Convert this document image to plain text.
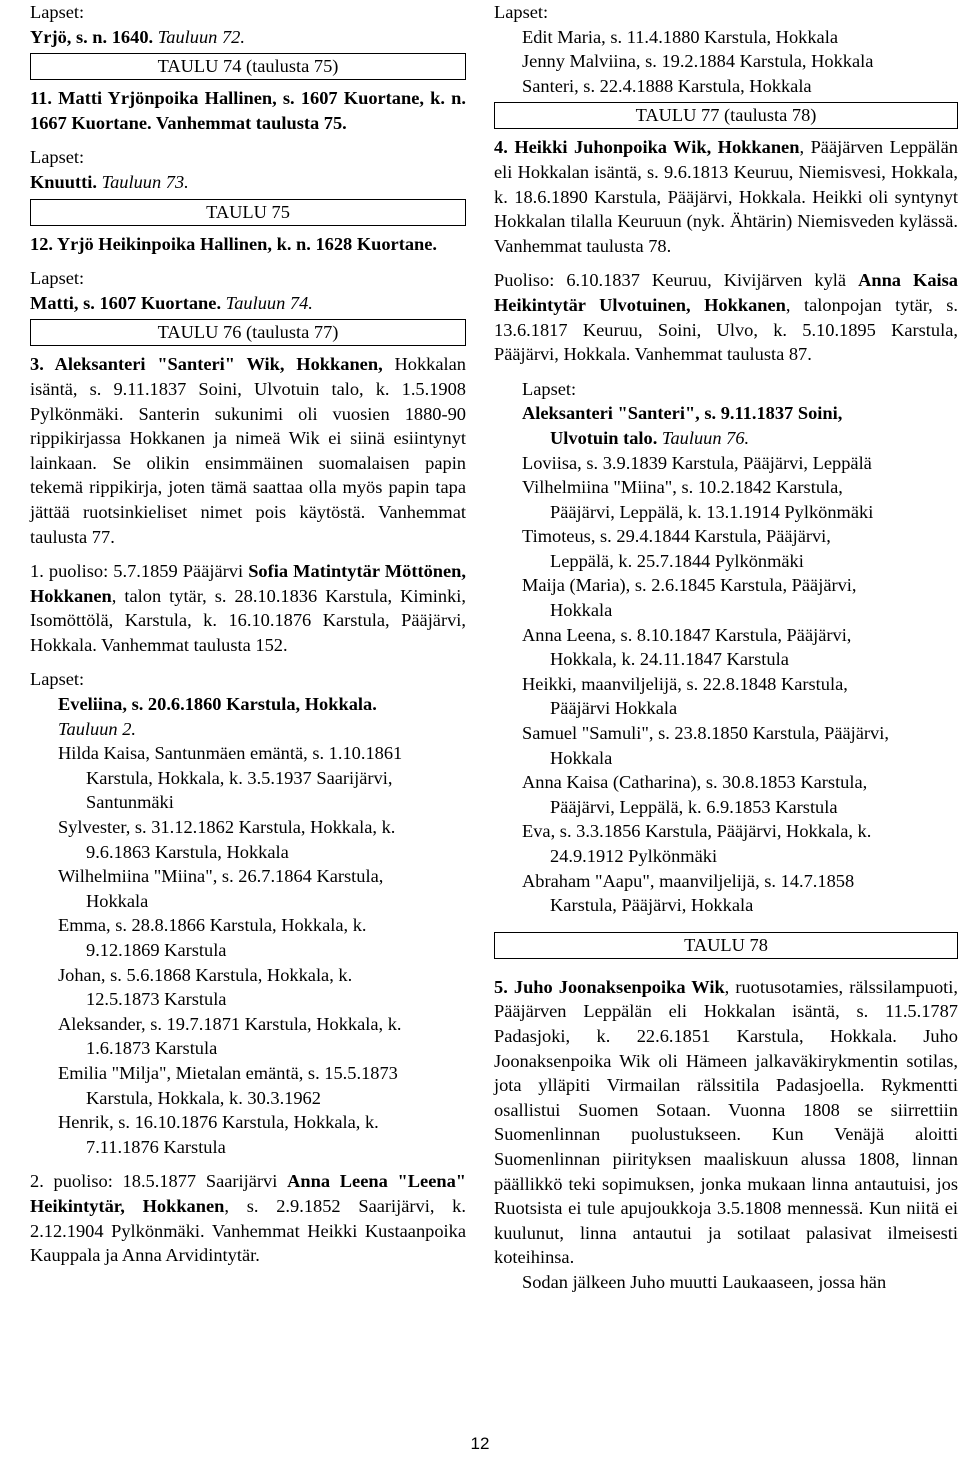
Lapset:

Yrjö, s. n. 1640. Tauluun 72.

TAULU 74 (taulusta 75)

11. Matti Yrjönpoika Hallinen, s. 1607 Kuortane, k. n. 1667 Kuortane. Vanhemmat taulusta 75.

Lapset:

Knuutti. Tauluun 73.

TAULU 75

12. Yrjö Heikinpoika Hallinen, k. n. 1628 Kuortane.

Lapset:

Matti, s. 1607 Kuortane. Tauluun 74.

TAULU 76 (taulusta 77)

3. Aleksanteri "Santeri" Wik, Hokkanen, Hokkalan isäntä, s. 9.11.1837 Soini, Ulvotuin talo, k. 1.5.1908 Pylkönmäki. Santerin sukunimi oli vuosien 1880-90 rippikirjassa Hokkanen ja nimeä Wik ei siinä esiintynyt lainkaan. Se olikin ensimmäinen suomalaisen papin tekemä rippikirja, joten tämä saattaa olla myös papin tapa jättää ruotsinkieliset nimet pois käytöstä. Vanhemmat taulusta 77.

1. puoliso: 5.7.1859 Pääjärvi Sofia Matintytär Möttönen, Hokkanen, talon tytär, s. 28.10.1836 Karstula, Kiminki, Isomöttölä, Karstula, k. 16.10.1876 Karstula, Pääjärvi, Hokkala. Vanhemmat taulusta 152.

Lapset:

Eveliina, s. 20.6.1860 Karstula, Hokkala.

Tauluun 2.

Hilda Kaisa, Santunmäen emäntä, s. 1.10.1861

Karstula, Hokkala, k. 3.5.1937 Saarijärvi, Santunmäki

Sylvester, s. 31.12.1862 Karstula, Hokkala, k.

9.6.1863 Karstula, Hokkala

Wilhelmiina "Miina", s. 26.7.1864 Karstula,

Hokkala

Emma, s. 28.8.1866 Karstula, Hokkala, k.

9.12.1869 Karstula

Johan, s. 5.6.1868 Karstula, Hokkala, k.

12.5.1873 Karstula

Aleksander, s. 19.7.1871 Karstula, Hokkala, k.

1.6.1873 Karstula

Emilia "Milja", Mietalan emäntä, s. 15.5.1873

Karstula, Hokkala, k. 30.3.1962

Henrik, s. 16.10.1876 Karstula, Hokkala, k.

7.11.1876 Karstula

2. puoliso: 18.5.1877 Saarijärvi Anna Leena "Leena" Heikintytär, Hokkanen, s. 2.9.1852 Saarijärvi, k. 2.12.1904 Pylkönmäki. Vanhemmat Heikki Kustaanpoika Kauppala ja Anna Arvidintytär.

Lapset:

Edit Maria, s. 11.4.1880 Karstula, Hokkala

Jenny Malviina, s. 19.2.1884 Karstula, Hokkala

Santeri, s. 22.4.1888 Karstula, Hokkala

TAULU 77 (taulusta 78)

4. Heikki Juhonpoika Wik, Hokkanen, Pääjärven Leppälän eli Hokkalan isäntä, s. 9.6.1813 Keuruu, Niemisvesi, Hokkala, k. 18.6.1890 Karstula, Pääjärvi, Hokkala. Heikki oli syntynyt Hokkalan tilalla Keuruun (nyk. Ähtärin) Niemisveden kylässä. Vanhemmat taulusta 78.

Puoliso: 6.10.1837 Keuruu, Kivijärven kylä Anna Kaisa Heikintytär Ulvotuinen, Hokkanen, talonpojan tytär, s. 13.6.1817 Keuruu, Soini, Ulvo, k. 5.10.1895 Karstula, Pääjärvi, Hokkala. Vanhemmat taulusta 87.

Lapset:

Aleksanteri "Santeri", s. 9.11.1837 Soini,

Ulvotuin talo. Tauluun 76.

Loviisa, s. 3.9.1839 Karstula, Pääjärvi, Leppälä

Vilhelmiina "Miina", s. 10.2.1842 Karstula,

Pääjärvi, Leppälä, k. 13.1.1914 Pylkönmäki

Timoteus, s. 29.4.1844 Karstula, Pääjärvi,

Leppälä, k. 25.7.1844 Pylkönmäki

Maija (Maria), s. 2.6.1845 Karstula, Pääjärvi,

Hokkala

Anna Leena, s. 8.10.1847 Karstula, Pääjärvi,

Hokkala, k. 24.11.1847 Karstula

Heikki, maanviljelijä, s. 22.8.1848 Karstula,

Pääjärvi Hokkala

Samuel "Samuli", s. 23.8.1850 Karstula, Pääjärvi,

Hokkala

Anna Kaisa (Catharina), s. 30.8.1853 Karstula,

Pääjärvi, Leppälä, k. 6.9.1853 Karstula

Eva, s. 3.3.1856 Karstula, Pääjärvi, Hokkala, k.

24.9.1912 Pylkönmäki

Abraham "Aapu", maanviljelijä, s. 14.7.1858

Karstula, Pääjärvi, Hokkala

TAULU 78

5. Juho Joonaksenpoika Wik, ruotusotamies, rälssilampuoti, Pääjärven Leppälän eli Hokkalan isäntä, s. 11.5.1787 Padasjoki, k. 22.6.1851 Karstula, Hokkala. Juho Joonaksenpoika Wik oli Hämeen jalkaväkirykmentin sotilas, jota ylläpiti Virmailan rälssitila Padasjoella. Rykmentti osallistui Suomen Sotaan. Vuonna 1808 se siirrettiin Suomenlinnan puolustukseen. Kun Venäjä aloitti Suomenlinnan piirityksen maaliskuun alussa 1808, linnan päällikkö teki sopimuksen, jonka mukaan linna antautuisi, jos Ruotsista ei tule apujoukkoja 3.5.1808 mennessä. Kun niitä ei kuulunut, linna antautui ja sotilaat palasivat ilmeisesti koteihinsa.

Sodan jälkeen Juho muutti Laukaaseen, jossa hän

12
